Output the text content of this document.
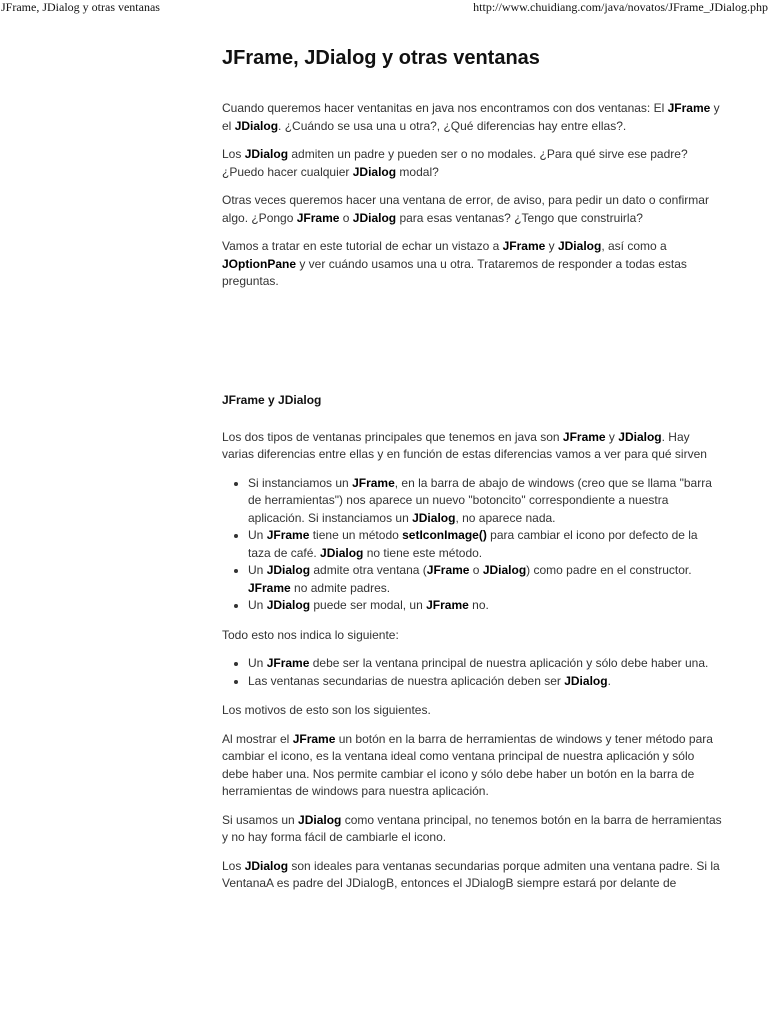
JFrame, JDialog y otras ventanas	http://www.chuidiang.com/java/novatos/JFrame_JDialog.php
JFrame, JDialog y otras ventanas

Cuando queremos hacer ventanitas en java nos encontramos con dos ventanas: El JFrame y el JDialog. ¿Cuándo se usa una u otra?, ¿Qué diferencias hay entre ellas?.

Los JDialog admiten un padre y pueden ser o no modales. ¿Para qué sirve ese padre? ¿Puedo hacer cualquier JDialog modal?

Otras veces queremos hacer una ventana de error, de aviso, para pedir un dato o confirmar algo. ¿Pongo JFrame o JDialog para esas ventanas? ¿Tengo que construirla?

Vamos a tratar en este tutorial de echar un vistazo a JFrame y JDialog, así como a JOptionPane y ver cuándo usamos una u otra. Trataremos de responder a todas estas preguntas.

JFrame y JDialog

Los dos tipos de ventanas principales que tenemos en java son JFrame y JDialog. Hay varias diferencias entre ellas y en función de estas diferencias vamos a ver para qué sirven

• Si instanciamos un JFrame, en la barra de abajo de windows (creo que se llama "barra de herramientas") nos aparece un nuevo "botoncito" correspondiente a nuestra aplicación. Si instanciamos un JDialog, no aparece nada.
• Un JFrame tiene un método setIconImage() para cambiar el icono por defecto de la taza de café. JDialog no tiene este método.
• Un JDialog admite otra ventana (JFrame o JDialog) como padre en el constructor. JFrame no admite padres.
• Un JDialog puede ser modal, un JFrame no.

Todo esto nos indica lo siguiente:

• Un JFrame debe ser la ventana principal de nuestra aplicación y sólo debe haber una.
• Las ventanas secundarias de nuestra aplicación deben ser JDialog.

Los motivos de esto son los siguientes.

Al mostrar el JFrame un botón en la barra de herramientas de windows y tener método para cambiar el icono, es la ventana ideal como ventana principal de nuestra aplicación y sólo debe haber una. Nos permite cambiar el icono y sólo debe haber un botón en la barra de herramientas de windows para nuestra aplicación.

Si usamos un JDialog como ventana principal, no tenemos botón en la barra de herramientas y no hay forma fácil de cambiarle el icono.

Los JDialog son ideales para ventanas secundarias porque admiten una ventana padre. Si la VentanaA es padre del JDialogB, entonces el JDialogB siempre estará por delante de
